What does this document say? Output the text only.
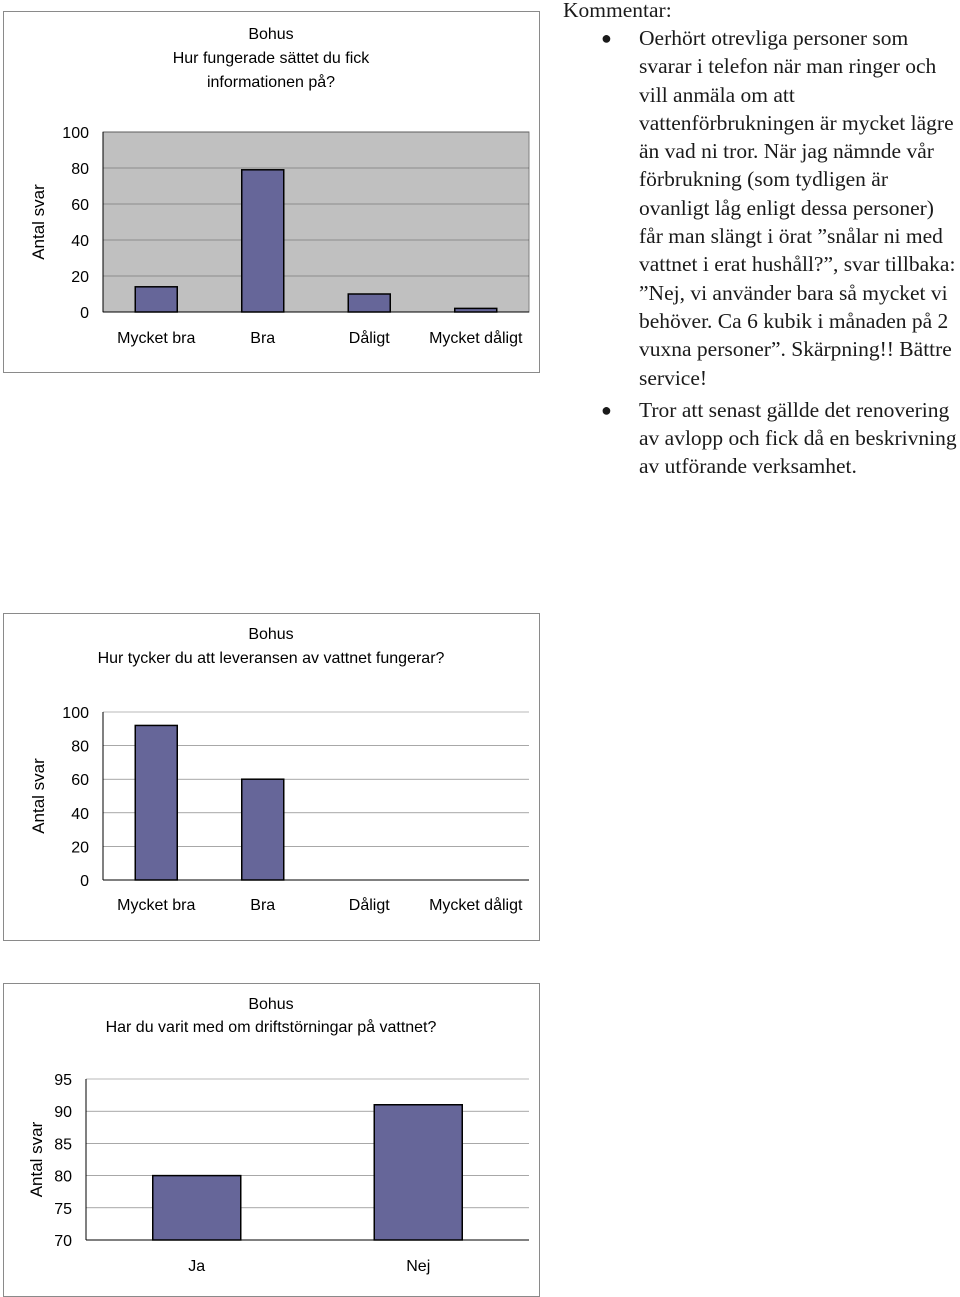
Bohus
Hur fungerade sättet du fick
informationen på?
0
20
40
60
80
100
Antal svar
Mycket bra	Bra	Dåligt Mycket dåligt
Bohus
Hur tycker du att leveransen av vattnet fungerar?
0
20
40
60
80
100
Antal svar
Mycket bra	Bra	Dåligt Mycket dåligt
Bohus
Har du varit med om driftstörningar på vattnet?
70
75
80
85
90
95
Antal svar
Ja	Nej
Kommentar:
● Oerhört otrevliga personer som svarar i telefon när man ringer och vill anmäla om att vattenförbrukningen är mycket lägre än vad ni tror. När jag nämnde vår förbrukning (som tydligen är ovanligt låg enligt dessa personer) får man slängt i örat ”snålar ni med vattnet i erat hushåll?”, svar tillbaka: ”Nej, vi använder bara så mycket vi behöver. Ca 6 kubik i månaden på 2 vuxna personer”. Skärpning!! Bättre service!
● Tror att senast gällde det renovering av avlopp och fick då en beskrivning av utförande verksamhet.
